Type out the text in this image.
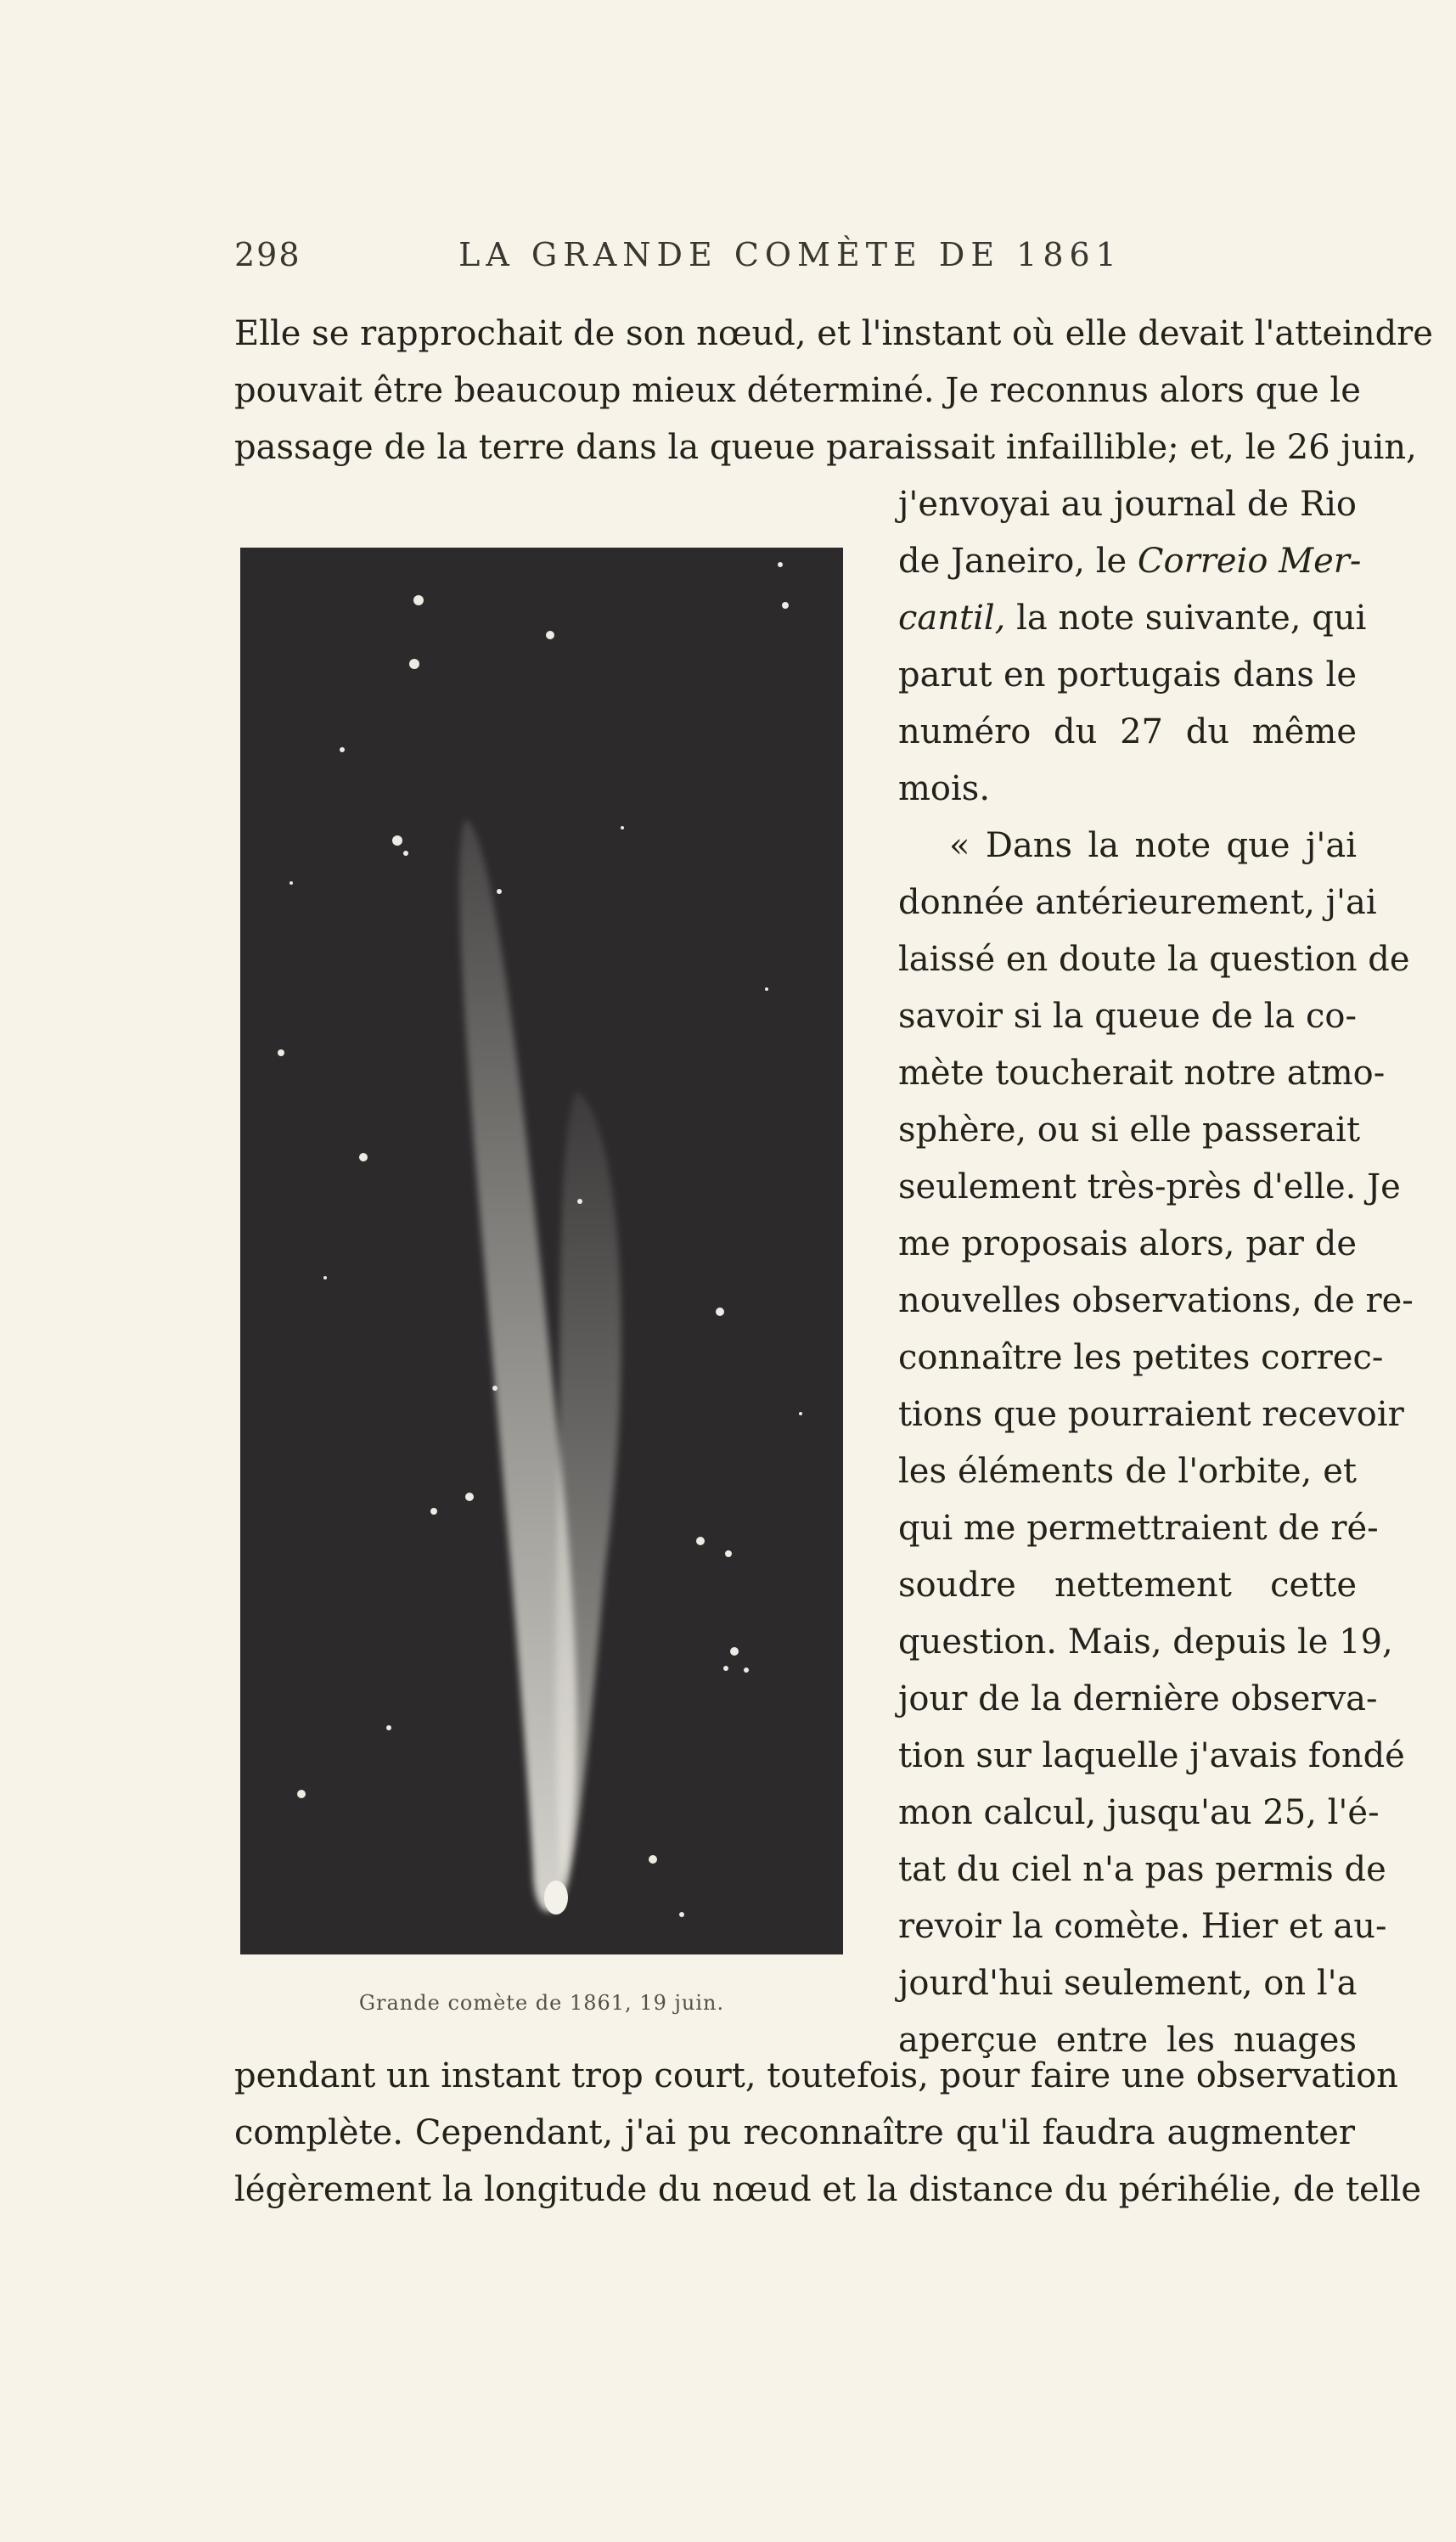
298	LA GRANDE COMÈTE DE 1861
Elle se rapprochait de son nœud, et l'instant où elle devait l'atteindre
pouvait être beaucoup mieux déterminé. Je reconnus alors que le
passage de la terre dans la queue paraissait infaillible; et, le 26 juin,
j'envoyai au journal de Rio
de Janeiro, le Correio Mer-
cantil, la note suivante, qui
parut en portugais dans le
numéro du 27 du même
mois.
« Dans la note que j'ai
donnée antérieurement, j'ai
laissé en doute la question de
savoir si la queue de la co-
mète toucherait notre atmo-
sphère, ou si elle passerait
seulement très-près d'elle. Je
me proposais alors, par de
nouvelles observations, de re-
connaître les petites correc-
tions que pourraient recevoir
les éléments de l'orbite, et
qui me permettraient de ré-
soudre nettement cette
question. Mais, depuis le 19,
jour de la dernière observa-
tion sur laquelle j'avais fondé
mon calcul, jusqu'au 25, l'é-
tat du ciel n'a pas permis de
revoir la comète. Hier et au-
jourd'hui seulement, on l'a
aperçue entre les nuages
Grande comète de 1861, 19 juin.
pendant un instant trop court, toutefois, pour faire une observation
complète. Cependant, j'ai pu reconnaître qu'il faudra augmenter
légèrement la longitude du nœud et la distance du périhélie, de telle
